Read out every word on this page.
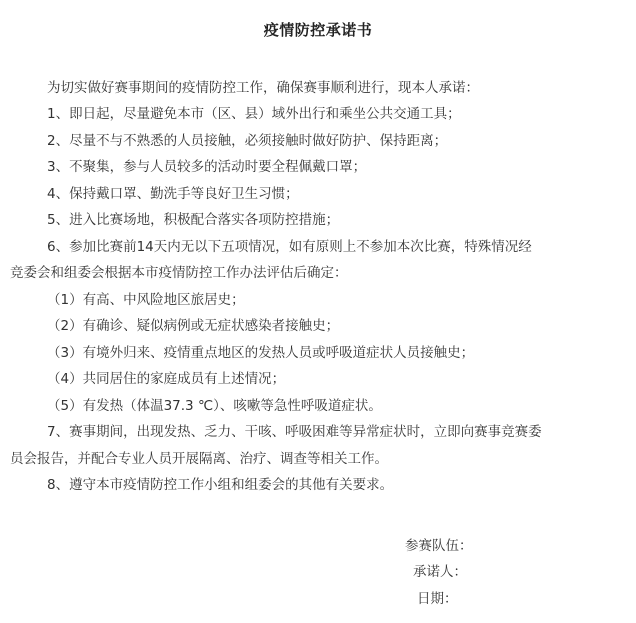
疫情防控承诺书
为切实做好赛事期间的疫情防控工作，确保赛事顺利进行，现本人承诺：
1、即日起，尽量避免本市（区、县）域外出行和乘坐公共交通工具；
2、尽量不与不熟悉的人员接触，必须接触时做好防护、保持距离；
3、不聚集，参与人员较多的活动时要全程佩戴口罩；
4、保持戴口罩、勤洗手等良好卫生习惯；
5、进入比赛场地，积极配合落实各项防控措施；
6、参加比赛前14天内无以下五项情况，如有原则上不参加本次比赛，特殊情况经
竞委会和组委会根据本市疫情防控工作办法评估后确定：
（1）有高、中风险地区旅居史；
（2）有确诊、疑似病例或无症状感染者接触史；
（3）有境外归来、疫情重点地区的发热人员或呼吸道症状人员接触史；
（4）共同居住的家庭成员有上述情况；
（5）有发热（体温37.3 ℃）、咳嗽等急性呼吸道症状。
7、赛事期间，出现发热、乏力、干咳、呼吸困难等异常症状时，立即向赛事竞赛委
员会报告，并配合专业人员开展隔离、治疗、调查等相关工作。
8、遵守本市疫情防控工作小组和组委会的其他有关要求。
参赛队伍：
承诺人：
日期：
